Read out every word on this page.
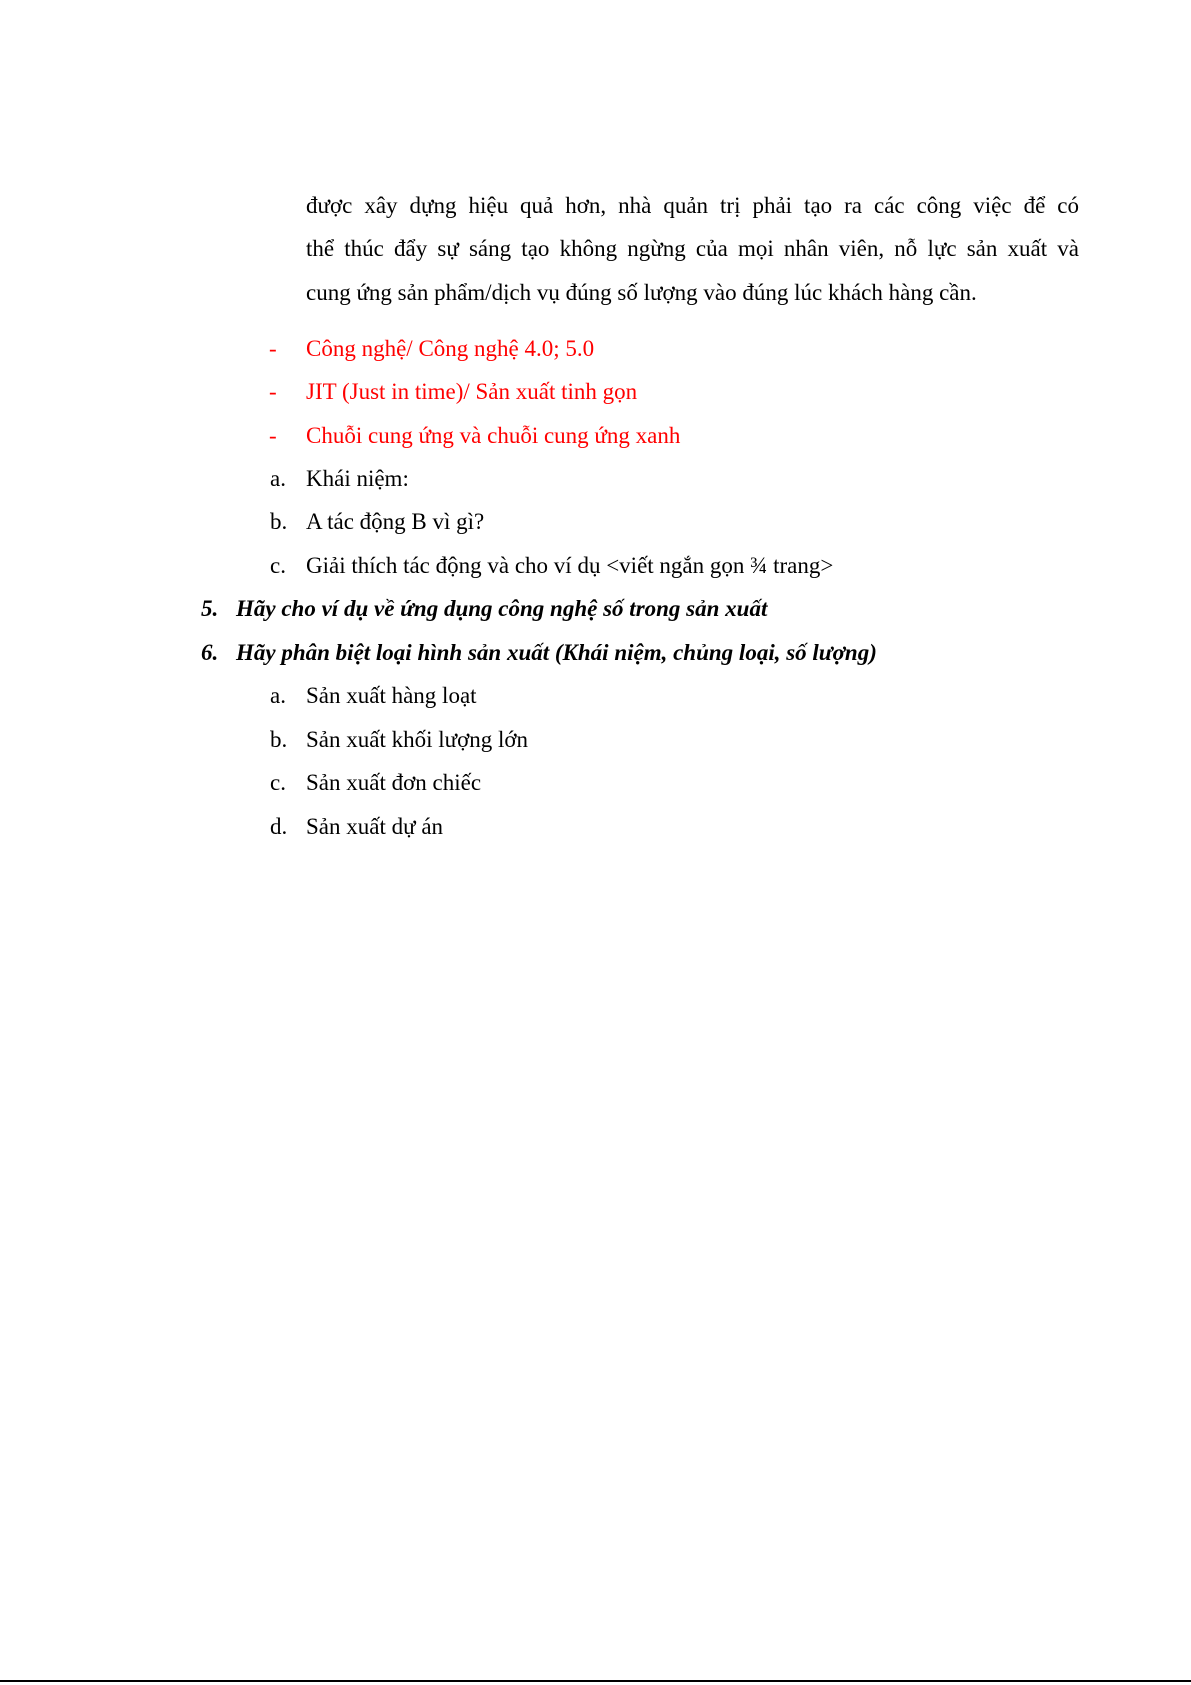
được xây dựng hiệu quả hơn, nhà quản trị phải tạo ra các công việc để có
thể thúc đẩy sự sáng tạo không ngừng của mọi nhân viên, nỗ lực sản xuất và
cung ứng sản phẩm/dịch vụ đúng số lượng vào đúng lúc khách hàng cần.
- Công nghệ/ Công nghệ 4.0; 5.0
- JIT (Just in time)/ Sản xuất tinh gọn
- Chuỗi cung ứng và chuỗi cung ứng xanh
a. Khái niệm:
b. A tác động B vì gì?
c. Giải thích tác động và cho ví dụ <viết ngắn gọn ¾ trang>
5. Hãy cho ví dụ về ứng dụng công nghệ số trong sản xuất
6. Hãy phân biệt loại hình sản xuất (Khái niệm, chủng loại, số lượng)
a. Sản xuất hàng loạt
b. Sản xuất khối lượng lớn
c. Sản xuất đơn chiếc
d. Sản xuất dự án
